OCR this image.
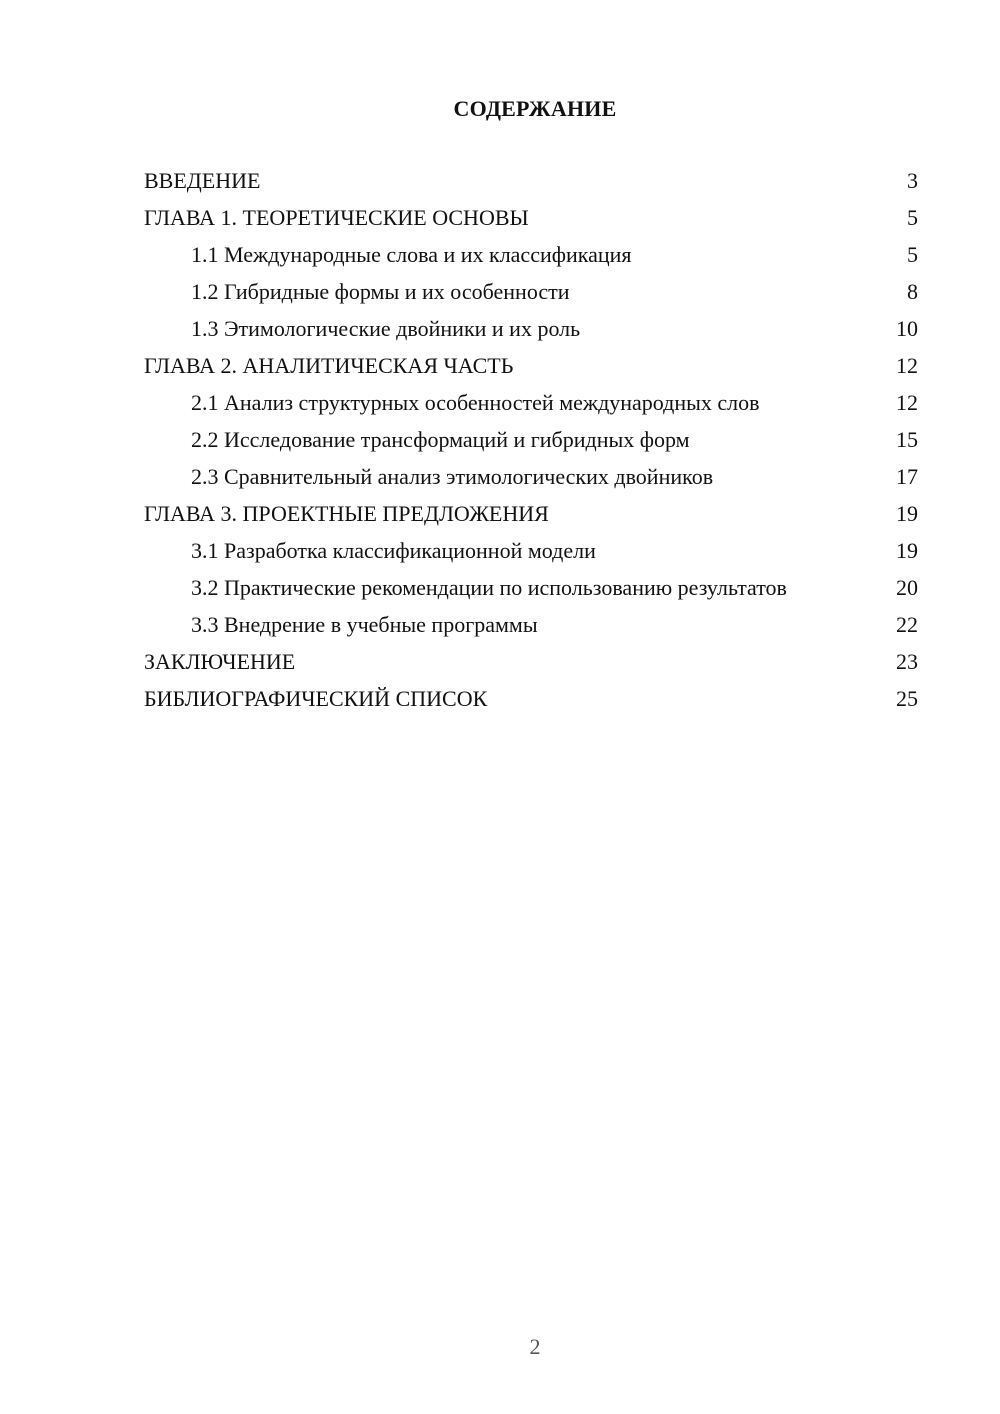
СОДЕРЖАНИЕ
ВВЕДЕНИЕ	3
ГЛАВА 1. ТЕОРЕТИЧЕСКИЕ ОСНОВЫ	5
1.1 Международные слова и их классификация	5
1.2 Гибридные формы и их особенности	8
1.3 Этимологические двойники и их роль	10
ГЛАВА 2. АНАЛИТИЧЕСКАЯ ЧАСТЬ	12
2.1 Анализ структурных особенностей международных слов	12
2.2 Исследование трансформаций и гибридных форм	15
2.3 Сравнительный анализ этимологических двойников	17
ГЛАВА 3. ПРОЕКТНЫЕ ПРЕДЛОЖЕНИЯ	19
3.1 Разработка классификационной модели	19
3.2 Практические рекомендации по использованию результатов	20
3.3 Внедрение в учебные программы	22
ЗАКЛЮЧЕНИЕ	23
БИБЛИОГРАФИЧЕСКИЙ СПИСОК	25
2
